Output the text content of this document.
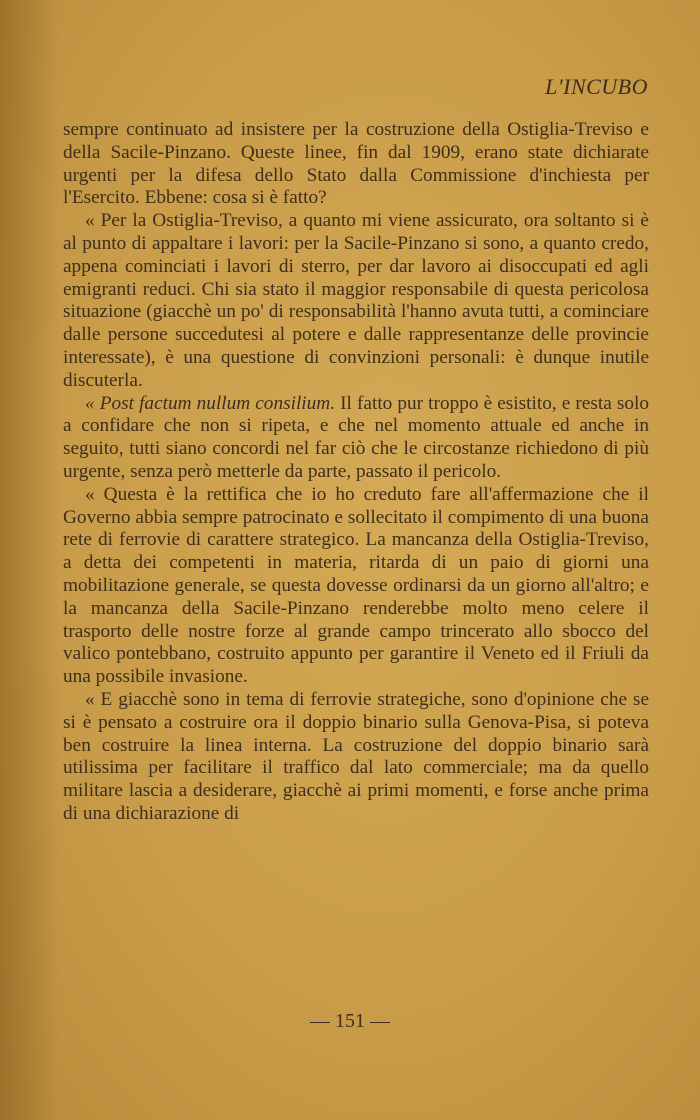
L'INCUBO

sempre continuato ad insistere per la costruzione della Ostiglia-Treviso e della Sacile-Pinzano. Queste linee, fin dal 1909, erano state dichiarate urgenti per la difesa dello Stato dalla Commissione d'inchiesta per l'Esercito. Ebbene: cosa si è fatto?

« Per la Ostiglia-Treviso, a quanto mi viene assicurato, ora soltanto si è al punto di appaltare i lavori: per la Sacile-Pinzano si sono, a quanto credo, appena cominciati i lavori di sterro, per dar lavoro ai disoccupati ed agli emigranti reduci. Chi sia stato il maggior responsabile di questa pericolosa situazione (giacchè un po' di responsabilità l'hanno avuta tutti, a cominciare dalle persone succedutesi al potere e dalle rappresentanze delle provincie interessate), è una questione di convinzioni personali: è dunque inutile discuterla.

« Post factum nullum consilium. Il fatto pur troppo è esistito, e resta solo a confidare che non si ripeta, e che nel momento attuale ed anche in seguito, tutti siano concordi nel far ciò che le circostanze richiedono di più urgente, senza però metterle da parte, passato il pericolo.

« Questa è la rettifica che io ho creduto fare all'affermazione che il Governo abbia sempre patrocinato e sollecitato il compimento di una buona rete di ferrovie di carattere strategico. La mancanza della Ostiglia-Treviso, a detta dei competenti in materia, ritarda di un paio di giorni una mobilitazione generale, se questa dovesse ordinarsi da un giorno all'altro; e la mancanza della Sacile-Pinzano renderebbe molto meno celere il trasporto delle nostre forze al grande campo trincerato allo sbocco del valico pontebbano, costruito appunto per garantire il Veneto ed il Friuli da una possibile invasione.

« E giacchè sono in tema di ferrovie strategiche, sono d'opinione che se si è pensato a costruire ora il doppio binario sulla Genova-Pisa, si poteva ben costruire la linea interna. La costruzione del doppio binario sarà utilissima per facilitare il traffico dal lato commerciale; ma da quello militare lascia a desiderare, giacchè ai primi momenti, e forse anche prima di una dichiarazione di

— 151 —
